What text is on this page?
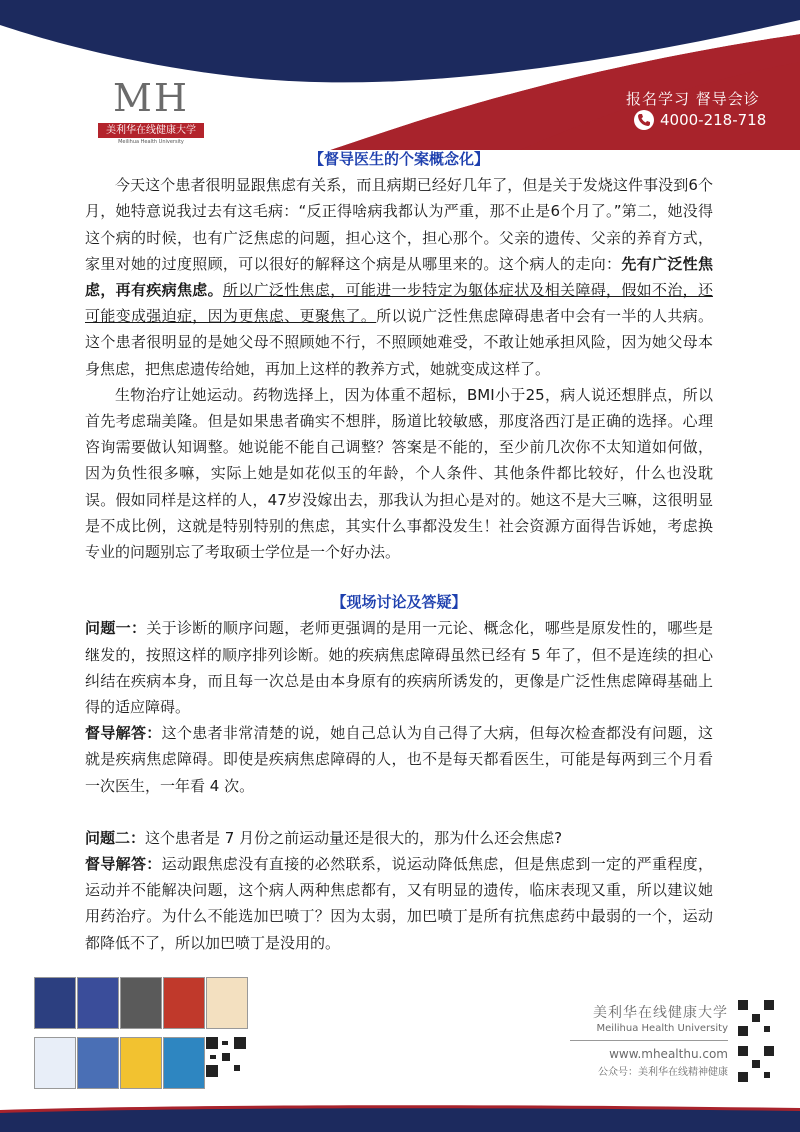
MH
美利华在线健康大学
Meilihua Health University
报名学习 督导会诊
4000-218-718
【督导医生的个案概念化】

今天这个患者很明显跟焦虑有关系，而且病期已经好几年了，但是关于发烧这件事没到6个月，她特意说我过去有这毛病：“反正得啥病我都认为严重，那不止是6个月了。”第二，她没得这个病的时候，也有广泛焦虑的问题，担心这个，担心那个。父亲的遗传、父亲的养育方式，家里对她的过度照顾，可以很好的解释这个病是从哪里来的。这个病人的走向：先有广泛性焦虑，再有疾病焦虑。所以广泛性焦虑，可能进一步特定为躯体症状及相关障碍，假如不治，还可能变成强迫症，因为更焦虑、更聚焦了。所以说广泛性焦虑障碍患者中会有一半的人共病。这个患者很明显的是她父母不照顾她不行，不照顾她难受，不敢让她承担风险，因为她父母本身焦虑，把焦虑遗传给她，再加上这样的教养方式，她就变成这样了。

生物治疗让她运动。药物选择上，因为体重不超标，BMI小于25，病人说还想胖点，所以首先考虑瑞美隆。但是如果患者确实不想胖，肠道比较敏感，那度洛西汀是正确的选择。心理咨询需要做认知调整。她说能不能自己调整？答案是不能的，至少前几次你不太知道如何做，因为负性很多嘛，实际上她是如花似玉的年龄，个人条件、其他条件都比较好，什么也没耽误。假如同样是这样的人，47岁没嫁出去，那我认为担心是对的。她这不是大三嘛，这很明显是不成比例，这就是特别特别的焦虑，其实什么事都没发生！社会资源方面得告诉她，考虑换专业的问题别忘了考取硕士学位是一个好办法。

【现场讨论及答疑】

问题一：关于诊断的顺序问题，老师更强调的是用一元论、概念化，哪些是原发性的，哪些是继发的，按照这样的顺序排列诊断。她的疾病焦虑障碍虽然已经有 5 年了，但不是连续的担心纠结在疾病本身，而且每一次总是由本身原有的疾病所诱发的，更像是广泛性焦虑障碍基础上得的适应障碍。

督导解答：这个患者非常清楚的说，她自己总认为自己得了大病，但每次检查都没有问题，这就是疾病焦虑障碍。即使是疾病焦虑障碍的人，也不是每天都看医生，可能是每两到三个月看一次医生，一年看 4 次。

问题二：这个患者是 7 月份之前运动量还是很大的，那为什么还会焦虑?

督导解答：运动跟焦虑没有直接的必然联系，说运动降低焦虑，但是焦虑到一定的严重程度，运动并不能解决问题，这个病人两种焦虑都有，又有明显的遗传，临床表现又重，所以建议她用药治疗。为什么不能选加巴喷丁？因为太弱，加巴喷丁是所有抗焦虑药中最弱的一个，运动都降低不了，所以加巴喷丁是没用的。

美利华在线健康大学
Meilihua Health University
www.mhealthu.com
公众号：美利华在线精神健康
